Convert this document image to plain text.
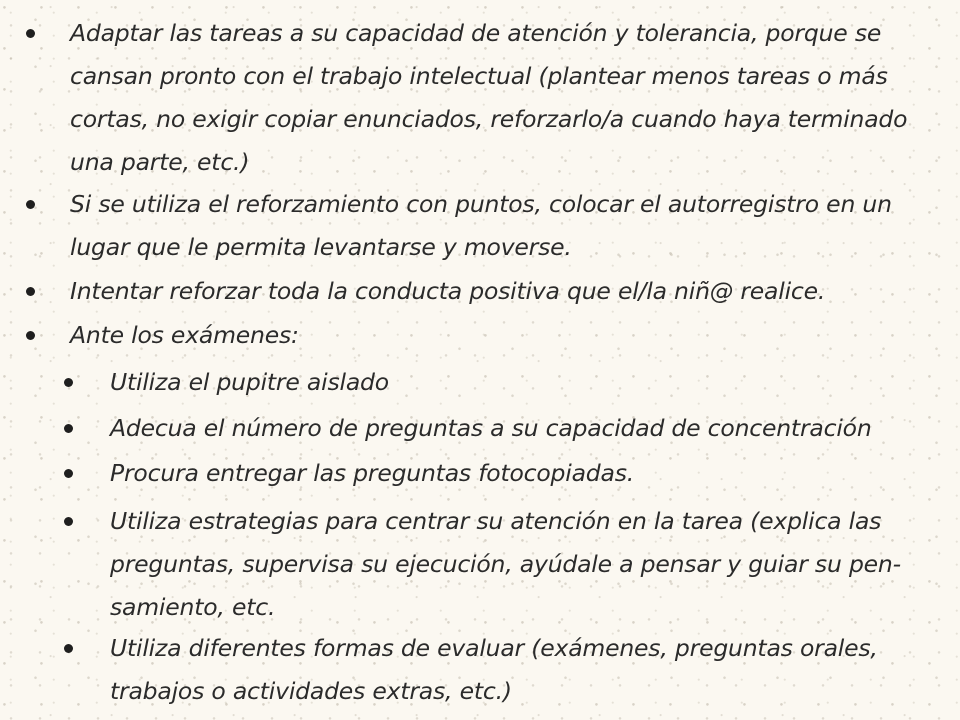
Adaptar las tareas a su capacidad de atención y tolerancia, porque se
cansan pronto con el trabajo intelectual (plantear menos tareas o más
cortas, no exigir copiar enunciados, reforzarlo/a cuando haya terminado
una parte, etc.)
Si se utiliza el reforzamiento con puntos, colocar el autorregistro en un
lugar que le permita levantarse y moverse.
Intentar reforzar toda la conducta positiva que el/la niñ@ realice.
Ante los exámenes:
Utiliza el pupitre aislado
Adecua el número de preguntas a su capacidad de concentración
Procura entregar las preguntas fotocopiadas.
Utiliza estrategias para centrar su atención en la tarea (explica las
preguntas, supervisa su ejecución, ayúdale a pensar y guiar su pen-
samiento, etc.
Utiliza diferentes formas de evaluar (exámenes, preguntas orales,
trabajos o actividades extras, etc.)
